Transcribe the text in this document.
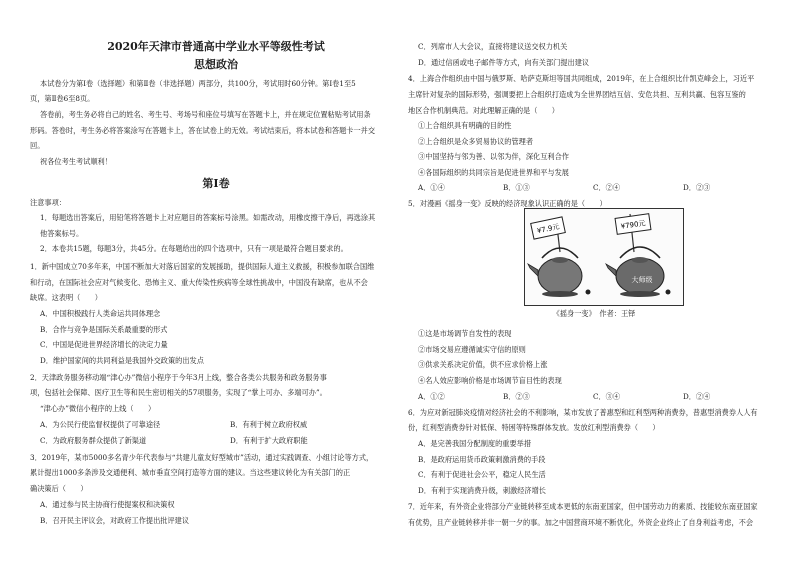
2020年天津市普通高中学业水平等级性考试
思想政治
本试卷分为第Ⅰ卷（选择题）和第Ⅱ卷（非选择题）两部分，共100分，考试用时60分钟。第Ⅰ卷1至5
页，第Ⅱ卷6至8页。
答卷前，考生务必将自己的姓名、考生号、考场号和座位号填写在答题卡上，并在规定位置粘贴考试用条
形码。答卷时，考生务必将答案涂写在答题卡上，答在试卷上的无效。考试结束后，将本试卷和答题卡一并交
回。
祝各位考生考试顺利！
第Ⅰ卷
注意事项：
1．每题选出答案后，用铅笔将答题卡上对应题目的答案标号涂黑。如需改动，用橡皮擦干净后，再选涂其
他答案标号。
2．本卷共15题，每题3分，共45分。在每题给出的四个选项中，只有一项是最符合题目要求的。
1．新中国成立70多年来，中国不断加大对落后国家的发展援助，提供国际人道主义救援，积极参加联合国维
和行动，在国际社会应对气候变化、恐怖主义、重大传染性疾病等全球性挑战中，中国没有缺席，也从不会
缺席。这表明（　　）
A．中国积极践行人类命运共同体理念
B．合作与竞争是国际关系最重要的形式
C．中国是促进世界经济增长的决定力量
D．维护国家间的共同利益是我国外交政策的出发点
2．天津政务服务移动端“津心办”微信小程序于今年3月上线，整合各类公共服务和政务服务事
项，包括社会保障、医疗卫生等和民生密切相关的57项服务，实现了“掌上可办、多端可办”。
“津心办”微信小程序的上线（　　）
A．为公民行使监督权提供了可靠途径	B．有利于树立政府权威
C．为政府服务群众提供了新渠道	D．有利于扩大政府职能
3．2019年，某市5000多名青少年代表参与“共建儿童友好型城市”活动，通过实践调查、小组讨论等方式，
累计提出1000多条涉及交通便利、城市垂直空间打造等方面的建议。当这些建议转化为有关部门的正
确决策后（　　）
A．通过参与民主协商行使提案权和决策权
B．召开民主评议会，对政府工作提出批评建议
C．列席市人大会议，直接将建议送交权力机关
D．通过信函或电子邮件等方式，向有关部门提出建议
4．上海合作组织由中国与俄罗斯、哈萨克斯坦等国共同组成，2019年，在上合组织比什凯克峰会上，习近平
主席针对复杂的国际形势，强调要把上合组织打造成为全世界团结互信、安危共担、互利共赢、包容互鉴的
地区合作机制典范。对此理解正确的是（　　）
①上合组织具有明确的目的性
②上合组织是众多贸易协议的管理者
③中国坚持与邻为善、以邻为伴，深化互利合作
④各国际组织的共同宗旨是促进世界和平与发展
A．①④	B．①③	C．②④	D．②③
5．对漫画《摇身一变》反映的经济现象认识正确的是（　　）
①这是市场调节自发性的表现
②市场交易应遵循诚实守信的原则
③供求关系决定价值，供不应求价格上涨
④名人效应影响价格是市场调节盲目性的表现
A．①②	B．②③	C．③④	D．②④
6．为应对新冠肺炎疫情对经济社会的不利影响，某市发放了普惠型和红利型两种消费券，普惠型消费券人人有
份，红利型消费券针对低保、特困等特殊群体发放。发放红利型消费券（　　）
A．是完善我国分配制度的重要举措
B．是政府运用货币政策刺激消费的手段
C．有利于促进社会公平，稳定人民生活
D．有利于实现消费升级，刺激经济增长
7．近年来，有外资企业将部分产业链转移至成本更低的东南亚国家，但中国劳动力的素质、技能较东南亚国家
有优势，且产业链转移并非一朝一夕的事。加之中国营商环境不断优化，外资企业终止了自身利益考虑，不会
¥7.9元	¥790元
大师级
《摇身一变》　作者：王铎
